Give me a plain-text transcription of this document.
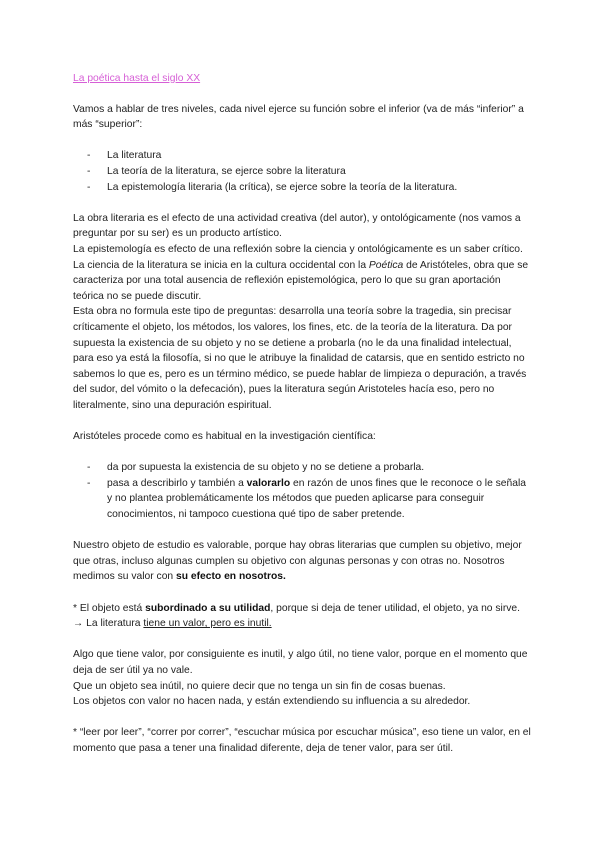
La poética hasta el siglo XX

Vamos a hablar de tres niveles, cada nivel ejerce su función sobre el inferior (va de más “inferior” a más “superior”:

- La literatura
- La teoría de la literatura, se ejerce sobre la literatura
- La epistemología literaria (la crítica), se ejerce sobre la teoría de la literatura.

La obra literaria es el efecto de una actividad creativa (del autor), y ontológicamente (nos vamos a preguntar por su ser) es un producto artístico.

La epistemología es efecto de una reflexión sobre la ciencia y ontológicamente es un saber crítico.

La ciencia de la literatura se inicia en la cultura occidental con la Poética de Aristóteles, obra que se caracteriza por una total ausencia de reflexión epistemológica, pero lo que su gran aportación teórica no se puede discutir.

Esta obra no formula este tipo de preguntas: desarrolla una teoría sobre la tragedia, sin precisar críticamente el objeto, los métodos, los valores, los fines, etc. de la teoría de la literatura. Da por supuesta la existencia de su objeto y no se detiene a probarla (no le da una finalidad intelectual, para eso ya está la filosofía, si no que le atribuye la finalidad de catarsis, que en sentido estricto no sabemos lo que es, pero es un término médico, se puede hablar de limpieza o depuración, a través del sudor, del vómito o la defecación), pues la literatura según Aristoteles hacía eso, pero no literalmente, sino una depuración espiritual.

Aristóteles procede como es habitual en la investigación científica:

- da por supuesta la existencia de su objeto y no se detiene a probarla.
- pasa a describirlo y también a valorarlo en razón de unos fines que le reconoce o le señala y no plantea problemáticamente los métodos que pueden aplicarse para conseguir conocimientos, ni tampoco cuestiona qué tipo de saber pretende.

Nuestro objeto de estudio es valorable, porque hay obras literarias que cumplen su objetivo, mejor que otras, incluso algunas cumplen su objetivo con algunas personas y con otras no. Nosotros medimos su valor con su efecto en nosotros.

* El objeto está subordinado a su utilidad, porque si deja de tener utilidad, el objeto, ya no sirve.

→ La literatura tiene un valor, pero es inutil.

Algo que tiene valor, por consiguiente es inutil, y algo útil, no tiene valor, porque en el momento que deja de ser útil ya no vale.

Que un objeto sea inútil, no quiere decir que no tenga un sin fin de cosas buenas.

Los objetos con valor no hacen nada, y están extendiendo su influencia a su alrededor.

* “leer por leer”, “correr por correr”, “escuchar música por escuchar música”, eso tiene un valor, en el momento que pasa a tener una finalidad diferente, deja de tener valor, para ser útil.
